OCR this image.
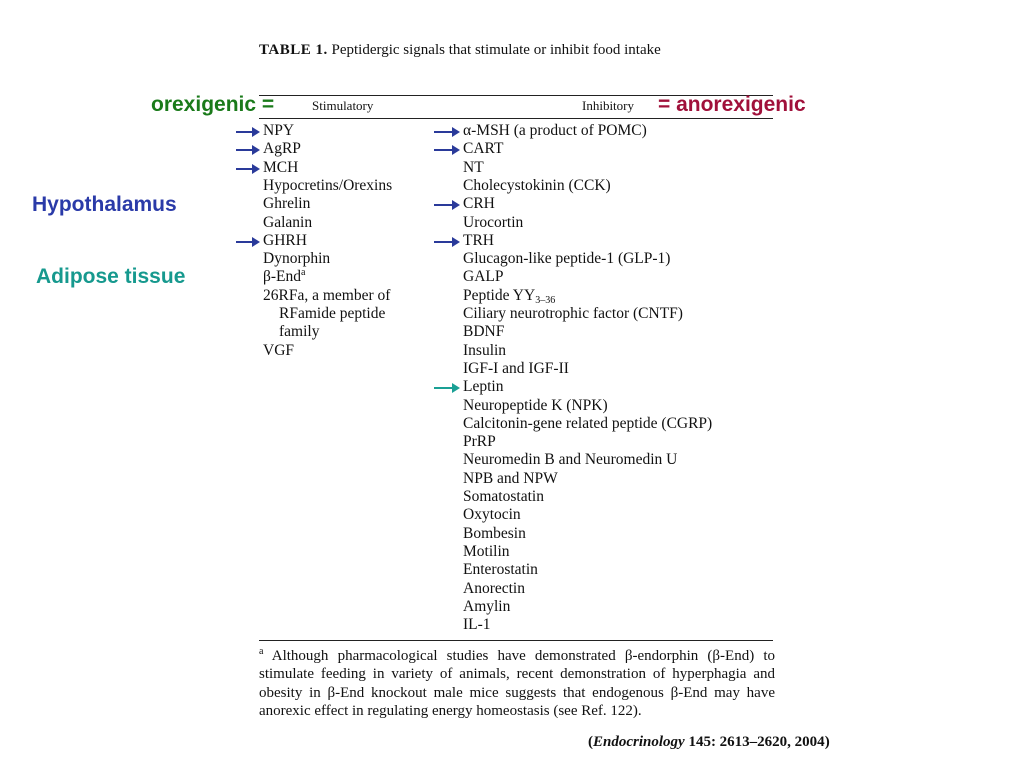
TABLE 1. Peptidergic signals that stimulate or inhibit food intake
orexigenic =	Stimulatory	Inhibitory = anorexigenic
Hypothalamus
Adipose tissue
$^a$ Although pharmacological studies have demonstrated β-endorphin (β-End) to stimulate feeding in variety of animals, recent demonstration of hyperphagia and obesity in β-End knockout male mice suggests that endogenous β-End may have anorexic effect in regulating energy homeostasis (see Ref. 122).
(Endocrinology 145: 2613–2620, 2004)
NPY
AgRP
MCH
Hypocretins/Orexins
Ghrelin
Galanin
GHRH
Dynorphin
β-End$^a$
26RFa, a member of
RFamide peptide
family
VGF
α-MSH (a product of POMC)
CART
NT
Cholecystokinin (CCK)
CRH
Urocortin
TRH
Glucagon-like peptide-1 (GLP-1)
GALP
Peptide $YY_{3-36}$
Ciliary neurotrophic factor (CNTF)
BDNF
Insulin
IGF-I and IGF-II
Leptin
Neuropeptide K (NPK)
Calcitonin-gene related peptide (CGRP)
PrRP
Neuromedin B and Neuromedin U
NPB and NPW
Somatostatin
Oxytocin
Bombesin
Motilin
Enterostatin
Anorectin
Amylin
IL-1
